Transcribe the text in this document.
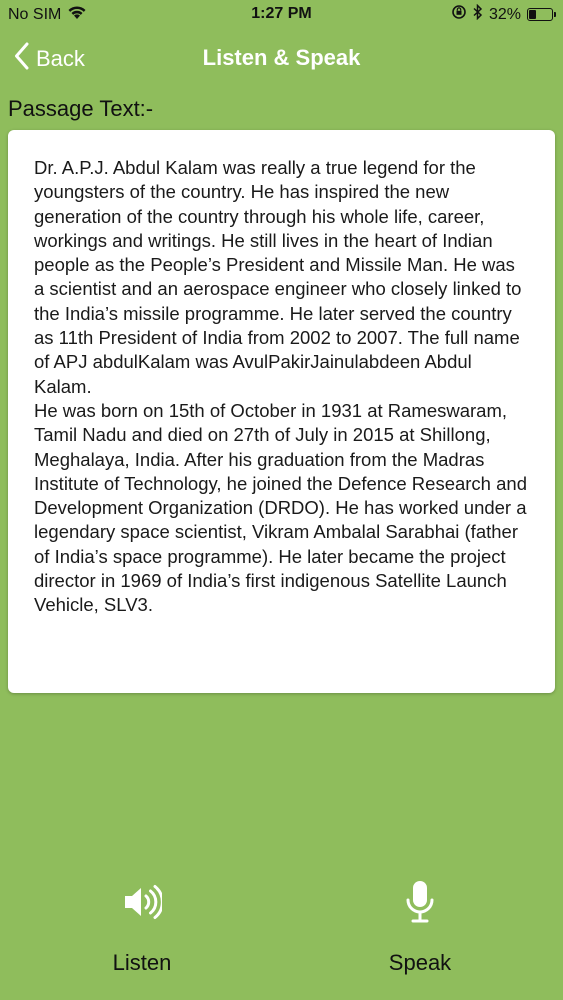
No SIM	1:27 PM	32%
Back	Listen & Speak
Passage Text:-

Dr. A.P.J. Abdul Kalam was really a true legend for the youngsters of the country. He has inspired the new generation of the country through his whole life, career, workings and writings. He still lives in the heart of Indian people as the People’s President and Missile Man. He was a scientist and an aerospace engineer who closely linked to the India’s missile programme. He later served the country as 11th President of India from 2002 to 2007. The full name of APJ abdulKalam was AvulPakirJainulabdeen Abdul Kalam.
He was born on 15th of October in 1931 at Rameswaram, Tamil Nadu and died on 27th of July in 2015 at Shillong, Meghalaya, India. After his graduation from the Madras Institute of Technology, he joined the Defence Research and Development Organization (DRDO). He has worked under a legendary space scientist, Vikram Ambalal Sarabhai (father of India’s space programme). He later became the project director in 1969 of India’s first indigenous Satellite Launch Vehicle, SLV3.

Listen	Speak
